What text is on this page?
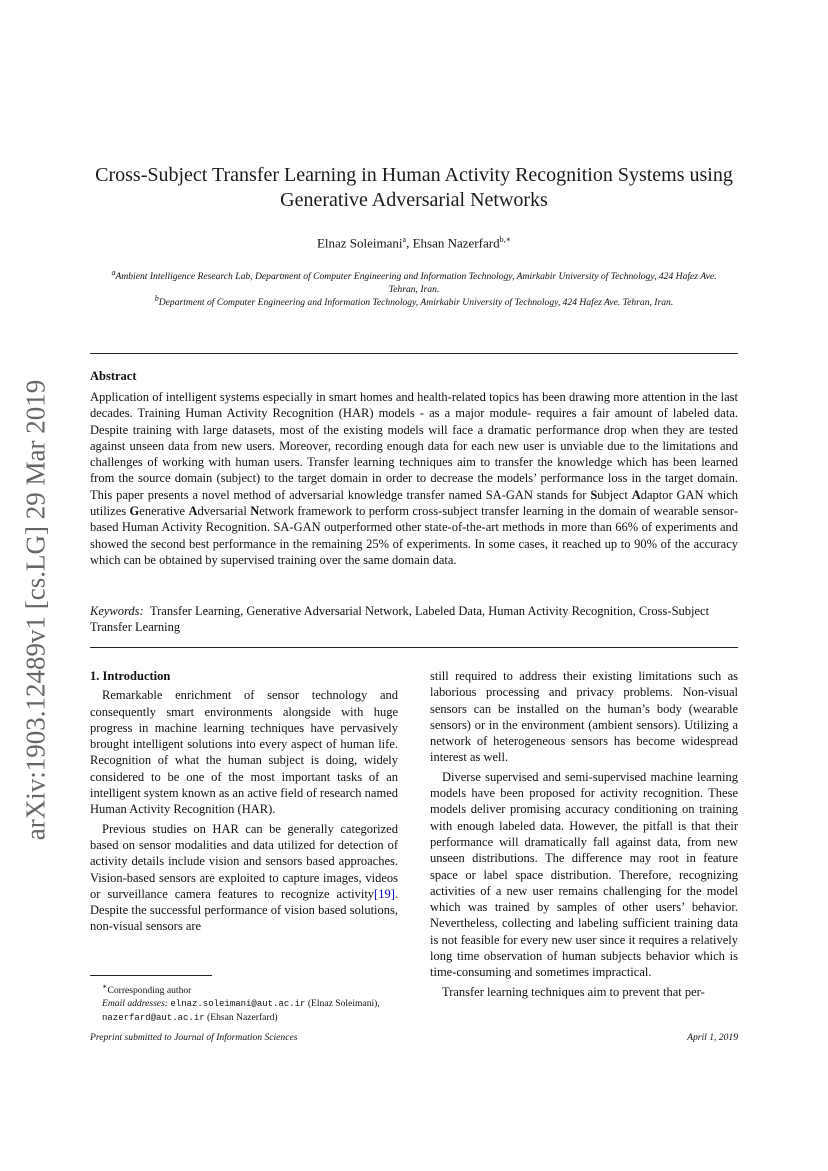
arXiv:1903.12489v1 [cs.LG] 29 Mar 2019
Cross-Subject Transfer Learning in Human Activity Recognition Systems using
Generative Adversarial Networks
Elnaz Soleimani$^a$, Ehsan Nazerfard$^{b,∗}$
$^a$Ambient Intelligence Research Lab, Department of Computer Engineering and Information Technology, Amirkabir University of Technology, 424 Hafez Ave. Tehran, Iran.
$^b$Department of Computer Engineering and Information Technology, Amirkabir University of Technology, 424 Hafez Ave. Tehran, Iran.
Abstract
Application of intelligent systems especially in smart homes and health-related topics has been drawing more attention in the last decades. Training Human Activity Recognition (HAR) models - as a major module- requires a fair amount of labeled data. Despite training with large datasets, most of the existing models will face a dramatic performance drop when they are tested against unseen data from new users. Moreover, recording enough data for each new user is unviable due to the limitations and challenges of working with human users. Transfer learning techniques aim to transfer the knowledge which has been learned from the source domain (subject) to the target domain in order to decrease the models’ performance loss in the target domain. This paper presents a novel method of adversarial knowledge transfer named SA-GAN stands for Subject Adaptor GAN which utilizes Generative Adversarial Network framework to perform cross-subject transfer learning in the domain of wearable sensor-based Human Activity Recognition. SA-GAN outperformed other state-of-the-art methods in more than 66% of experiments and showed the second best performance in the remaining 25% of experiments. In some cases, it reached up to 90% of the accuracy which can be obtained by supervised training over the same domain data.
Keywords: Transfer Learning, Generative Adversarial Network, Labeled Data, Human Activity Recognition, Cross-Subject Transfer Learning

1. Introduction

Remarkable enrichment of sensor technology and consequently smart environments alongside with huge progress in machine learning techniques have pervasively brought intelligent solutions into every aspect of human life. Recognition of what the human subject is doing, widely considered to be one of the most important tasks of an intelligent system known as an active field of research named Human Activity Recognition (HAR).

Previous studies on HAR can be generally categorized based on sensor modalities and data utilized for detection of activity details include vision and sensors based approaches. Vision-based sensors are exploited to capture images, videos or surveillance camera features to recognize activity[19]. Despite the successful performance of vision based solutions, non-visual sensors are

still required to address their existing limitations such as laborious processing and privacy problems. Non-visual sensors can be installed on the human’s body (wearable sensors) or in the environment (ambient sensors). Utilizing a network of heterogeneous sensors has become widespread interest as well.

Diverse supervised and semi-supervised machine learning models have been proposed for activity recognition. These models deliver promising accuracy conditioning on training with enough labeled data. However, the pitfall is that their performance will dramatically fall against data, from new unseen distributions. The difference may root in feature space or label space distribution. Therefore, recognizing activities of a new user remains challenging for the model which was trained by samples of other users’ behavior. Nevertheless, collecting and labeling sufficient training data is not feasible for every new user since it requires a relatively long time observation of human subjects behavior which is time-consuming and sometimes impractical.

Transfer learning techniques aim to prevent that per-

∗Corresponding author
Email addresses: elnaz.soleimani@aut.ac.ir (Elnaz Soleimani), nazerfard@aut.ac.ir (Ehsan Nazerfard)
Preprint submitted to Journal of Information Sciences	April 1, 2019
